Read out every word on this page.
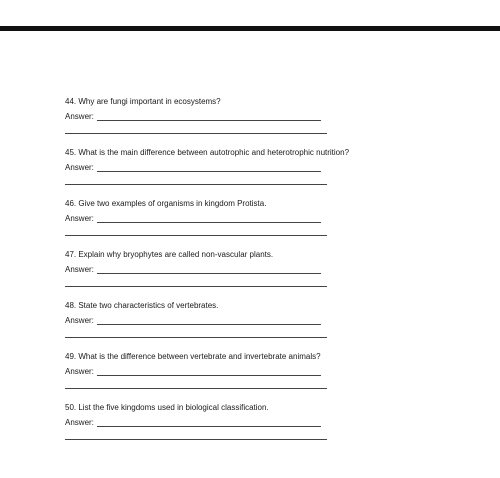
44. Why are fungi important in ecosystems?
Answer:
45. What is the main difference between autotrophic and heterotrophic nutrition?
Answer:
46. Give two examples of organisms in kingdom Protista.
Answer:
47. Explain why bryophytes are called non-vascular plants.
Answer:
48. State two characteristics of vertebrates.
Answer:
49. What is the difference between vertebrate and invertebrate animals?
Answer:
50. List the five kingdoms used in biological classification.
Answer:
